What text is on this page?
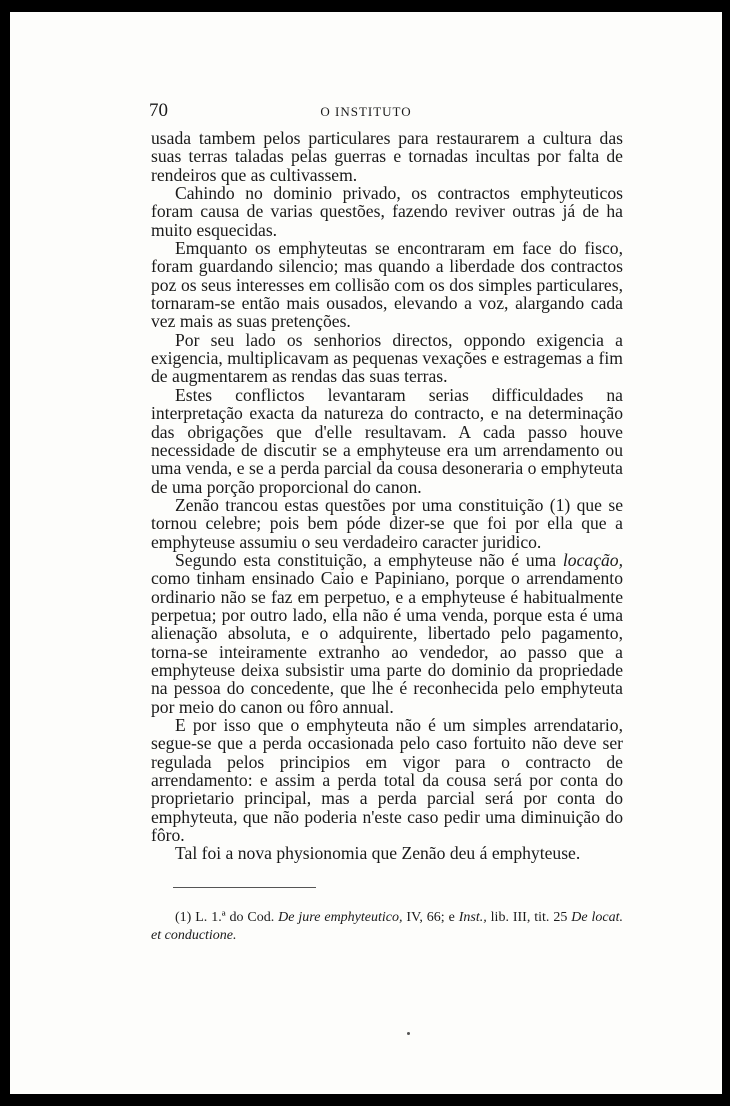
70	O INSTITUTO

usada tambem pelos particulares para restaurarem a cultura das suas terras taladas pelas guerras e tornadas incultas por falta de rendeiros que as cultivassem.

Cahindo no dominio privado, os contractos emphyteuticos foram causa de varias questões, fazendo reviver outras já de ha muito esquecidas.

Emquanto os emphyteutas se encontraram em face do fisco, foram guardando silencio; mas quando a liberdade dos contractos poz os seus interesses em collisão com os dos simples particulares, tornaram-se então mais ousados, elevando a voz, alargando cada vez mais as suas pretenções.

Por seu lado os senhorios directos, oppondo exigencia a exigencia, multiplicavam as pequenas vexações e estragemas a fim de augmentarem as rendas das suas terras.

Estes conflictos levantaram serias difficuldades na interpretação exacta da natureza do contracto, e na determinação das obrigações que d'elle resultavam. A cada passo houve necessidade de discutir se a emphyteuse era um arrendamento ou uma venda, e se a perda parcial da cousa desoneraria o emphyteuta de uma porção proporcional do canon.

Zenão trancou estas questões por uma constituição (1) que se tornou celebre; pois bem póde dizer-se que foi por ella que a emphyteuse assumiu o seu verdadeiro caracter juridico.

Segundo esta constituição, a emphyteuse não é uma locação, como tinham ensinado Caio e Papiniano, porque o arrendamento ordinario não se faz em perpetuo, e a emphyteuse é habitualmente perpetua; por outro lado, ella não é uma venda, porque esta é uma alienação absoluta, e o adquirente, libertado pelo pagamento, torna-se inteiramente extranho ao vendedor, ao passo que a emphyteuse deixa subsistir uma parte do dominio da propriedade na pessoa do concedente, que lhe é reconhecida pelo emphyteuta por meio do canon ou fôro annual.

E por isso que o emphyteuta não é um simples arrendatario, segue-se que a perda occasionada pelo caso fortuito não deve ser regulada pelos principios em vigor para o contracto de arrendamento: e assim a perda total da cousa será por conta do proprietario principal, mas a perda parcial será por conta do emphyteuta, que não poderia n'este caso pedir uma diminuição do fôro.

Tal foi a nova physionomia que Zenão deu á emphyteuse.

(1) L. 1.ª do Cod. De jure emphyteutico, IV, 66; e Inst., lib. III, tit. 25 De locat. et conductione.
